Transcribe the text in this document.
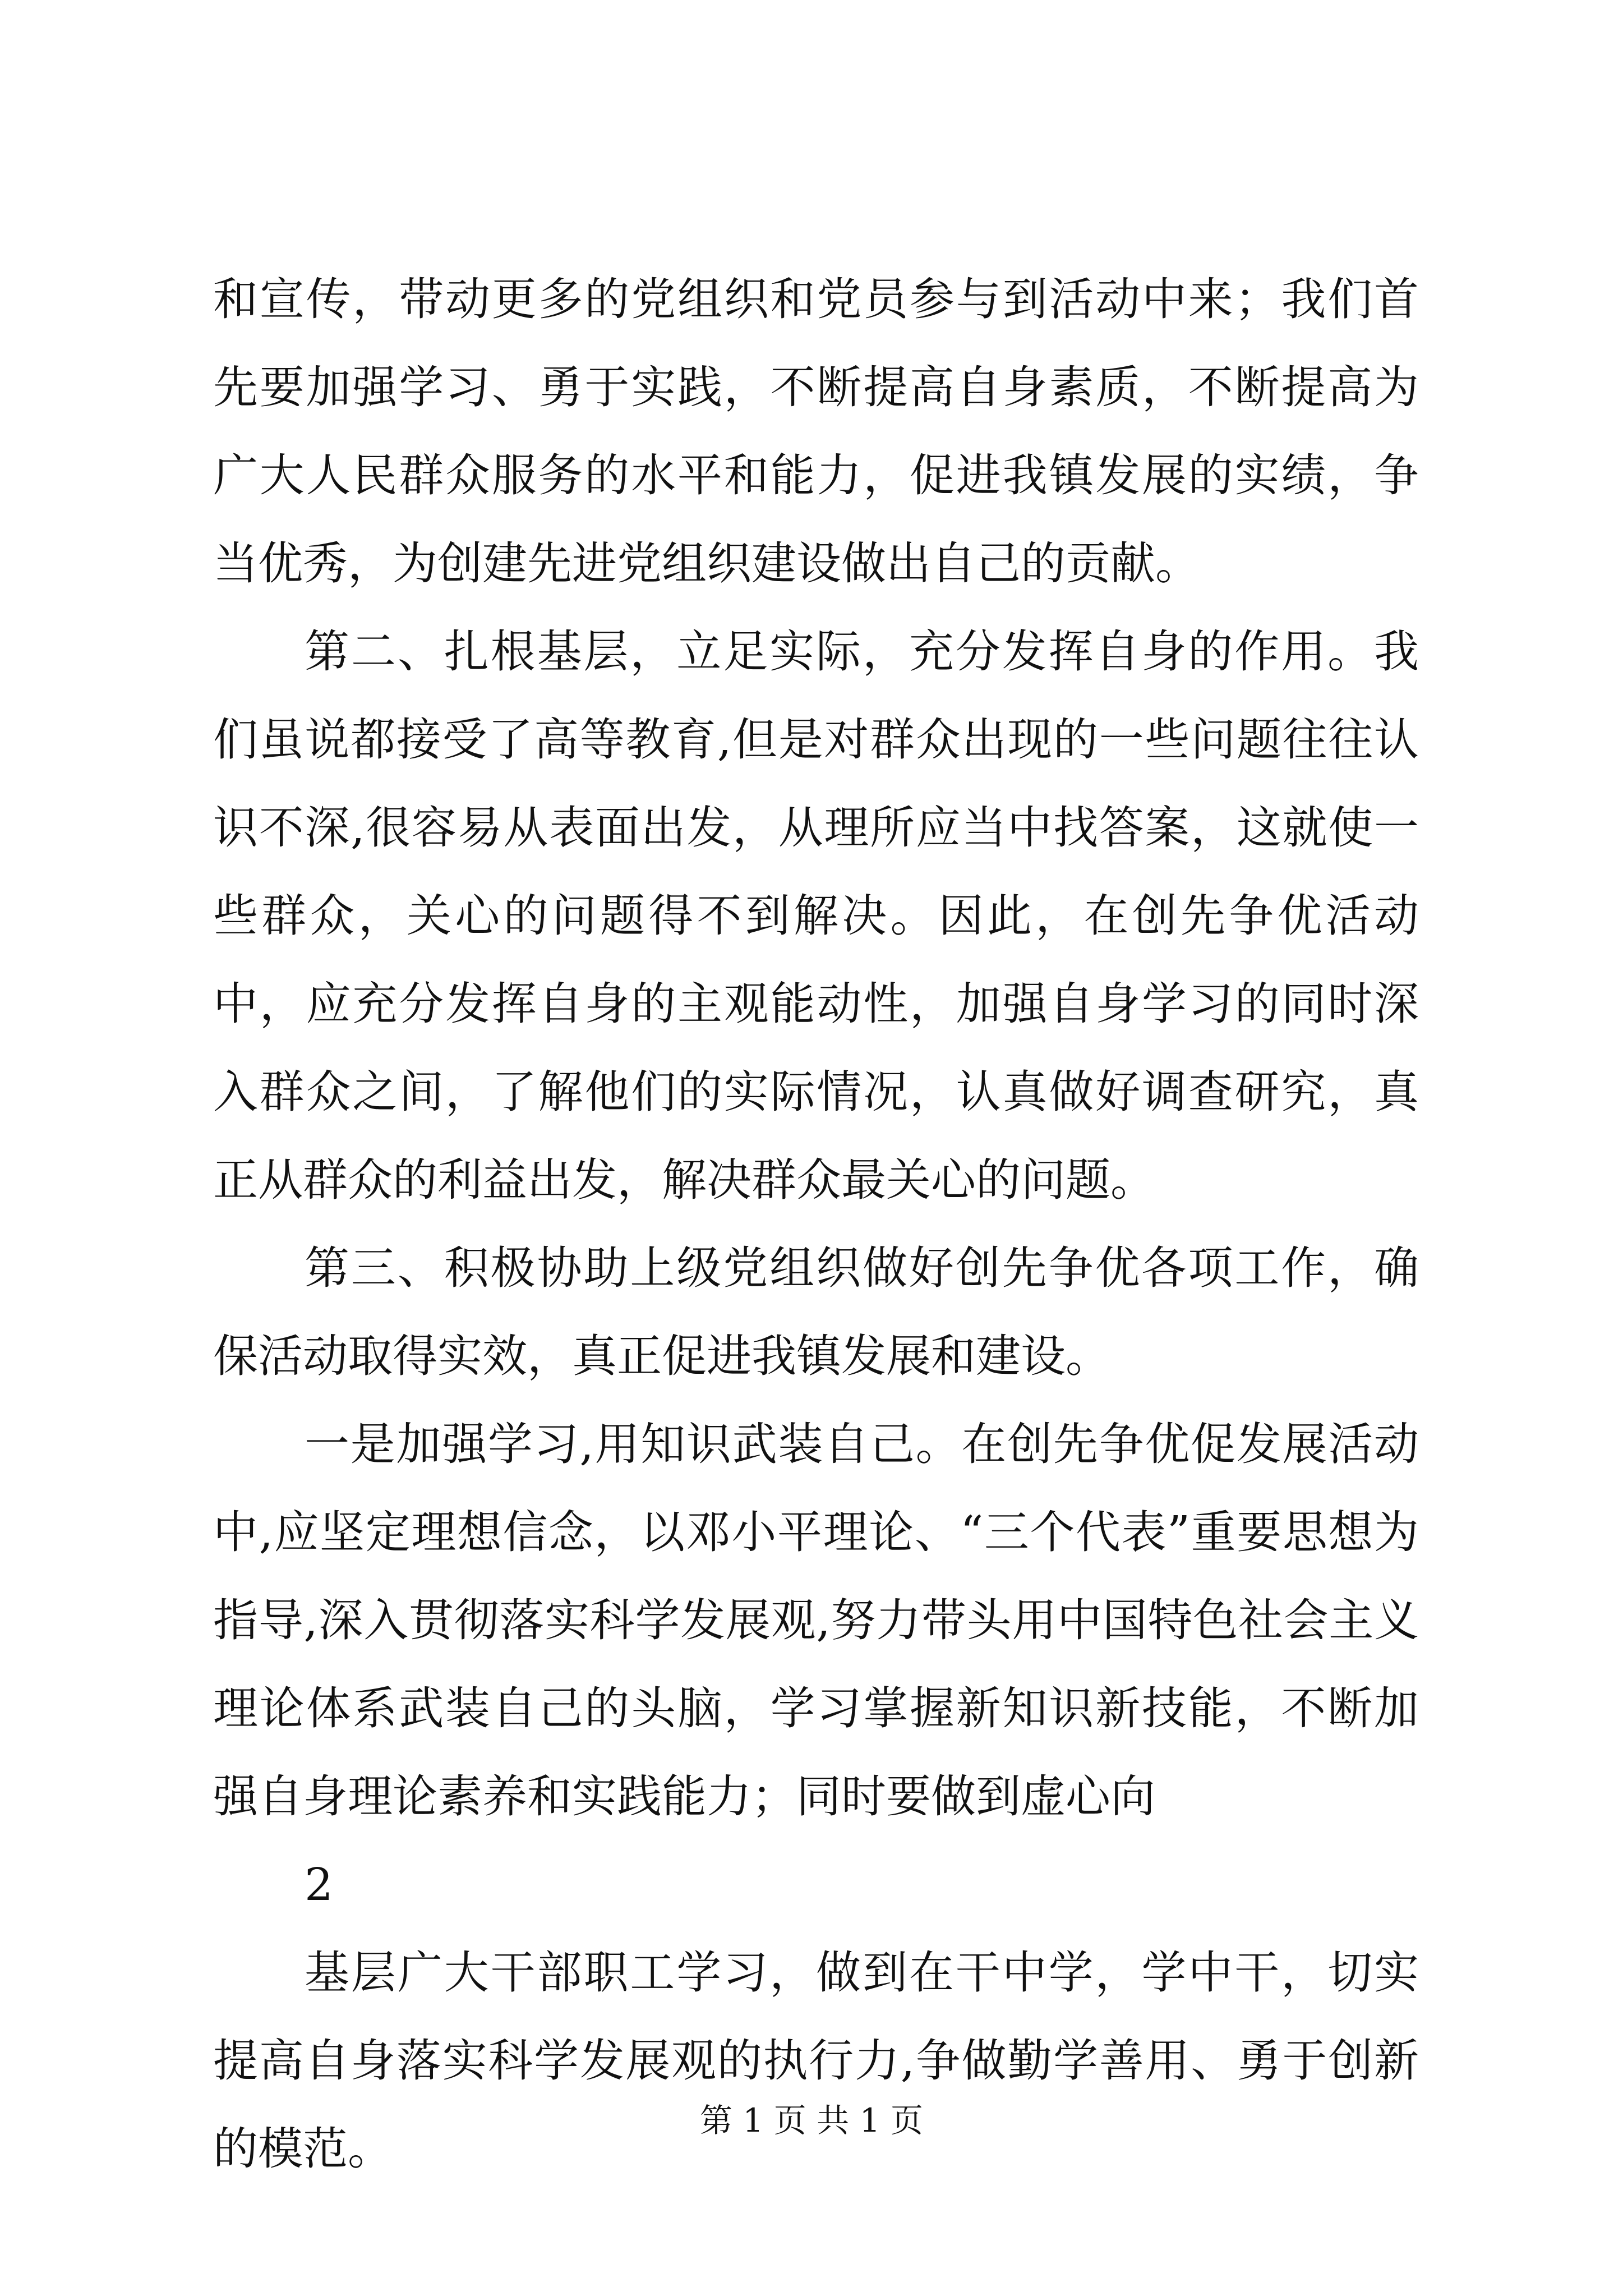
和宣传，带动更多的党组织和党员参与到活动中来；我们首先要加强学习、勇于实践，不断提高自身素质，不断提高为广大人民群众服务的水平和能力，促进我镇发展的实绩，争当优秀，为创建先进党组织建设做出自己的贡献。

第二、扎根基层，立足实际，充分发挥自身的作用。我们虽说都接受了高等教育,但是对群众出现的一些问题往往认识不深,很容易从表面出发，从理所应当中找答案，这就使一些群众，关心的问题得不到解决。因此，在创先争优活动中，应充分发挥自身的主观能动性，加强自身学习的同时深入群众之间，了解他们的实际情况，认真做好调查研究，真正从群众的利益出发，解决群众最关心的问题。

第三、积极协助上级党组织做好创先争优各项工作，确保活动取得实效，真正促进我镇发展和建设。

一是加强学习,用知识武装自己。在创先争优促发展活动中,应坚定理想信念，以邓小平理论、“三个代表”重要思想为指导,深入贯彻落实科学发展观,努力带头用中国特色社会主义理论体系武装自己的头脑，学习掌握新知识新技能，不断加强自身理论素养和实践能力；同时要做到虚心向

2

基层广大干部职工学习，做到在干中学，学中干，切实提高自身落实科学发展观的执行力,争做勤学善用、勇于创新的模范。

第 1 页 共 1 页
